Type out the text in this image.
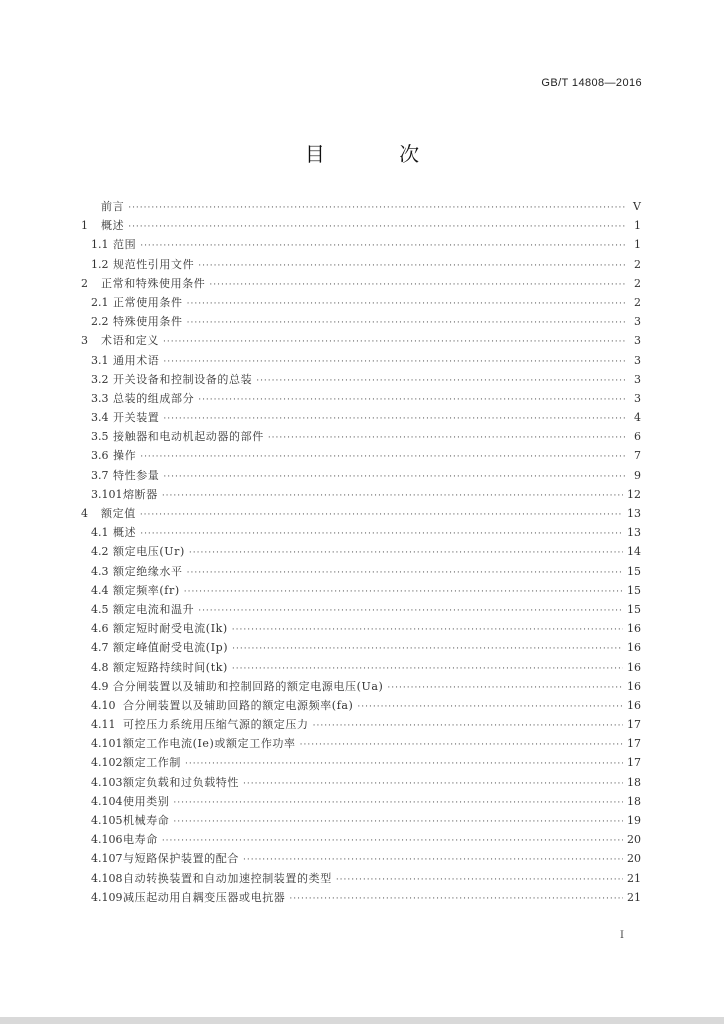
GB/T 14808—2016
目 次
前言 ·····	V
1	概述 ·····	1
1.1 范围 ·····	1
1.2 规范性引用文件 ·····	2
2	正常和特殊使用条件 ·····	2
2.1 正常使用条件 ·····	2
2.2 特殊使用条件 ·····	3
3	术语和定义 ·····	3
3.1 通用术语 ·····	3
3.2 开关设备和控制设备的总装 ·····	3
3.3 总装的组成部分 ·····	3
3.4 开关装置 ·····	4
3.5 接触器和电动机起动器的部件 ·····	6
3.6 操作 ·····	7
3.7 特性参量 ·····	9
3.101 熔断器 ·····	12
4	额定值 ·····	13
4.1 概述 ·····	13
4.2 额定电压(Ur) ·····	14
4.3 额定绝缘水平 ·····	15
4.4 额定频率(fr) ·····	15
4.5 额定电流和温升 ·····	15
4.6 额定短时耐受电流(Ik) ·····	16
4.7 额定峰值耐受电流(Ip) ·····	16
4.8 额定短路持续时间(tk) ·····	16
4.9 合分闸装置以及辅助和控制回路的额定电源电压(Ua) ·····	16
4.10 合分闸装置以及辅助回路的额定电源频率(fa) ·····	16
4.11 可控压力系统用压缩气源的额定压力 ·····	17
4.101 额定工作电流(Ie)或额定工作功率 ·····	17
4.102 额定工作制 ·····	17
4.103 额定负载和过负载特性 ·····	18
4.104 使用类别 ·····	18
4.105 机械寿命 ·····	19
4.106 电寿命 ·····	20
4.107 与短路保护装置的配合 ·····	20
4.108 自动转换装置和自动加速控制装置的类型 ·····	21
4.109 减压起动用自耦变压器或电抗器 ·····	21
I
